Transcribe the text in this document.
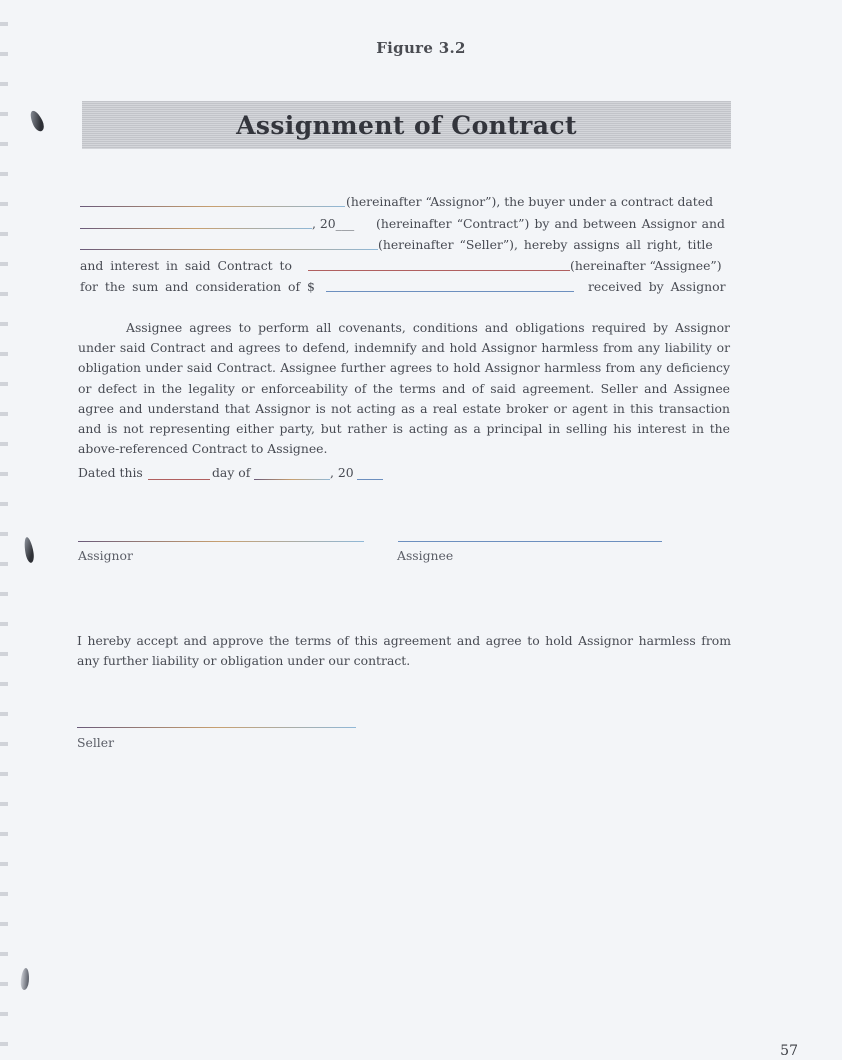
Figure 3.2
Assignment of Contract
(hereinafter “Assignor”), the buyer under a contract dated
, 20___ (hereinafter “Contract”) by and between Assignor and
(hereinafter “Seller”), hereby assigns all right, title
and interest in said Contract to	(hereinafter “Assignee”)
for the sum and consideration of $	received by Assignor
Assignee agrees to perform all covenants, conditions and obligations required by Assignor under said Contract and agrees to defend, indemnify and hold Assignor harmless from any liability or obligation under said Contract. Assignee further agrees to hold Assignor harmless from any deficiency or defect in the legality or enforceability of the terms and of said agreement. Seller and Assignee agree and understand that Assignor is not acting as a real estate broker or agent in this transaction and is not representing either party, but rather is acting as a principal in selling his interest in the above-referenced Contract to Assignee.
Dated this	day of	, 20
Assignor	Assignee
I hereby accept and approve the terms of this agreement and agree to hold Assignor harmless from any further liability or obligation under our contract.
Seller
57
